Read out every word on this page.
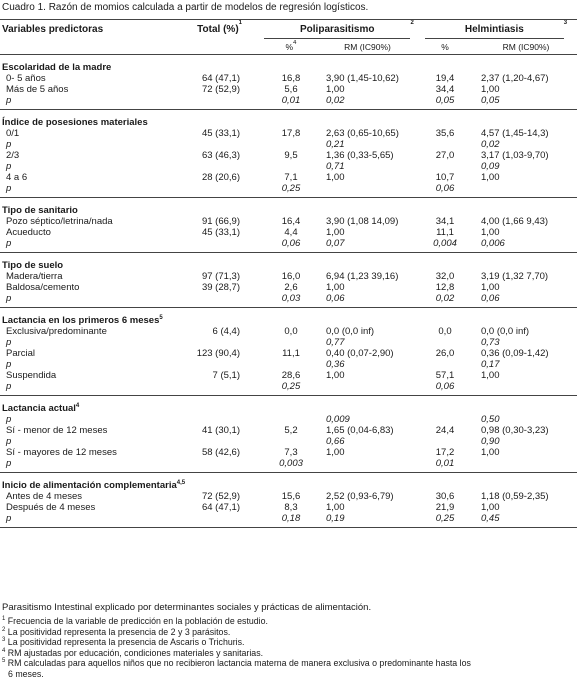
Cuadro 1. Razón de momios calculada a partir de modelos de regresión logísticos.
Variables predictoras	Total (%)$^1$	Poliparasitismo$^2$		Helmintiasis$^3$
		%$^4$	RM (IC90%)	%	RM (IC90%)
Escolaridad de la madre					
0- 5 años	64 (47,1)	16,8	3,90 (1,45-10,62)	19,4	2,37 (1,20-4,67)
Más de 5 años	72 (52,9)	5,6	1,00	34,4	1,00
p		0,01	0,02	0,05	0,05

Índice de posesiones materiales					
0/1	45 (33,1)	17,8	2,63 (0,65-10,65)	35,6	4,57 (1,45-14,3)
p			0,21		0,02
2/3	63 (46,3)	9,5	1,36 (0,33-5,65)	27,0	3,17 (1,03-9,70)
p			0,71		0,09
4 a 6	28 (20,6)	7,1	1,00	10,7	1,00
p		0,25		0,06	

Tipo de sanitario					
Pozo séptico/letrina/nada	91 (66,9)	16,4	3,90 (1,08 14,09)	34,1	4,00 (1,66 9,43)
Acueducto	45 (33,1)	4,4	1,00	11,1	1,00
p		0,06	0,07	0,004	0,006

Tipo de suelo					
Madera/tierra	97 (71,3)	16,0	6,94 (1,23 39,16)	32,0	3,19 (1,32 7,70)
Baldosa/cemento	39 (28,7)	2,6	1,00	12,8	1,00
p		0,03	0,06	0,02	0,06

Lactancia en los primeros 6 meses$^5$
Exclusiva/predominante	6 (4,4)	0,0	0,0 (0,0 inf)	0,0	0,0 (0,0 inf)
p			0,77		0,73
Parcial	123 (90,4)	11,1	0,40 (0,07-2,90)	26,0	0,36 (0,09-1,42)
p			0,36		0,17
Suspendida	7 (5,1)	28,6	1,00	57,1	1,00
p		0,25		0,06	

Lactancia actual$^4$
p			0,009		0,50
Sí - menor de 12 meses	41 (30,1)	5,2	1,65 (0,04-6,83)	24,4	0,98 (0,30-3,23)
p			0,66		0,90
Sí - mayores de 12 meses	58 (42,6)	7,3	1,00	17,2	1,00
p		0,003		0,01	

Inicio de alimentación complementaria$^{4,5}$
Antes de 4 meses	72 (52,9)	15,6	2,52 (0,93-6,79)	30,6	1,18 (0,59-2,35)
Después de 4 meses	64 (47,1)	8,3	1,00	21,9	1,00
p		0,18	0,19	0,25	0,45

Parasitismo Intestinal explicado por determinantes sociales y prácticas de alimentación.
$^1$ Frecuencia de la variable de predicción en la población de estudio.
$^2$ La positividad representa la presencia de 2 y 3 parásitos.
$^3$ La positividad representa la presencia de Ascaris o Trichuris.
$^4$ RM ajustadas por educación, condiciones materiales y sanitarias.
$^5$ RM calculadas para aquellos niños que no recibieron lactancia materna de manera exclusiva o predominante hasta los
6 meses.
